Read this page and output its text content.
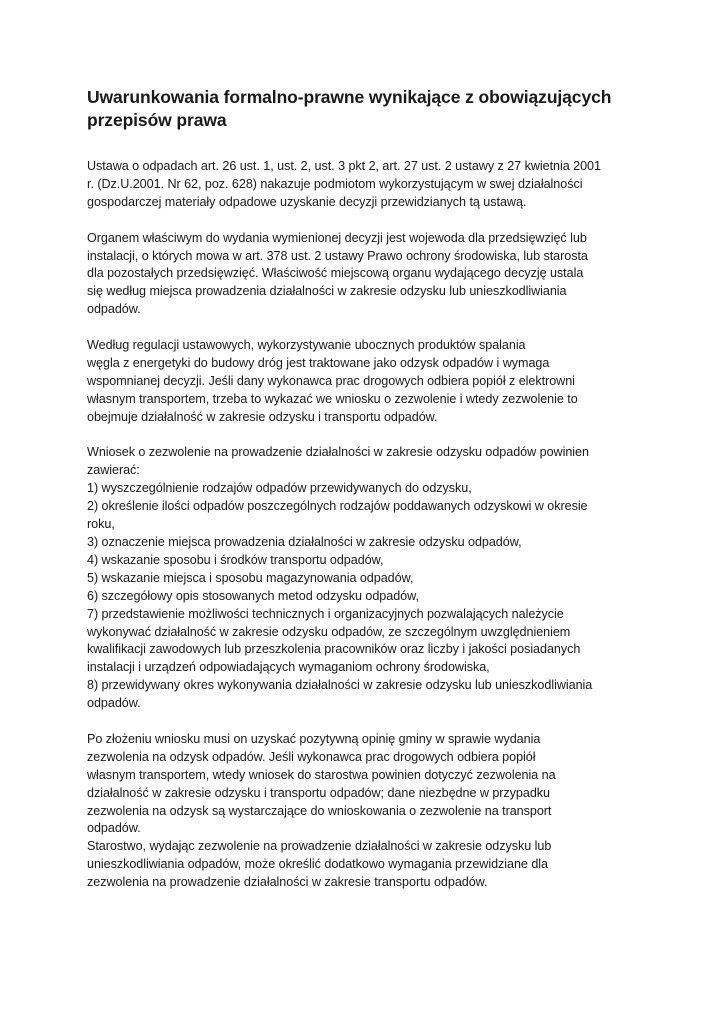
Uwarunkowania formalno-prawne wynikające z obowiązujących
przepisów prawa
Ustawa o odpadach art. 26 ust. 1, ust. 2, ust. 3 pkt 2, art. 27 ust. 2 ustawy z 27 kwietnia 2001
r. (Dz.U.2001. Nr 62, poz. 628) nakazuje podmiotom wykorzystującym w swej działalności
gospodarczej materiały odpadowe uzyskanie decyzji przewidzianych tą ustawą.
Organem właściwym do wydania wymienionej decyzji jest wojewoda dla przedsięwzięć lub
instalacji, o których mowa w art. 378 ust. 2 ustawy Prawo ochrony środowiska, lub starosta
dla pozostałych przedsięwzięć. Właściwość miejscową organu wydającego decyzję ustala
się według miejsca prowadzenia działalności w zakresie odzysku lub unieszkodliwiania
odpadów.
Według regulacji ustawowych, wykorzystywanie ubocznych produktów spalania
węgla z energetyki do budowy dróg jest traktowane jako odzysk odpadów i wymaga
wspomnianej decyzji. Jeśli dany wykonawca prac drogowych odbiera popiół z elektrowni
własnym transportem, trzeba to wykazać we wniosku o zezwolenie i wtedy zezwolenie to
obejmuje działalność w zakresie odzysku i transportu odpadów.
Wniosek o zezwolenie na prowadzenie działalności w zakresie odzysku odpadów powinien
zawierać:
1) wyszczególnienie rodzajów odpadów przewidywanych do odzysku,
2) określenie ilości odpadów poszczególnych rodzajów poddawanych odzyskowi w okresie
roku,
3) oznaczenie miejsca prowadzenia działalności w zakresie odzysku odpadów,
4) wskazanie sposobu i środków transportu odpadów,
5) wskazanie miejsca i sposobu magazynowania odpadów,
6) szczegółowy opis stosowanych metod odzysku odpadów,
7) przedstawienie możliwości technicznych i organizacyjnych pozwalających należycie
wykonywać działalność w zakresie odzysku odpadów, ze szczególnym uwzględnieniem
kwalifikacji zawodowych lub przeszkolenia pracowników oraz liczby i jakości posiadanych
instalacji i urządzeń odpowiadających wymaganiom ochrony środowiska,
8) przewidywany okres wykonywania działalności w zakresie odzysku lub unieszkodliwiania
odpadów.
Po złożeniu wniosku musi on uzyskać pozytywną opinię gminy w sprawie wydania
zezwolenia na odzysk odpadów. Jeśli wykonawca prac drogowych odbiera popiół
własnym transportem, wtedy wniosek do starostwa powinien dotyczyć zezwolenia na
działalność w zakresie odzysku i transportu odpadów; dane niezbędne w przypadku
zezwolenia na odzysk są wystarczające do wnioskowania o zezwolenie na transport
odpadów.
Starostwo, wydając zezwolenie na prowadzenie działalności w zakresie odzysku lub
unieszkodliwiania odpadów, może określić dodatkowo wymagania przewidziane dla
zezwolenia na prowadzenie działalności w zakresie transportu odpadów.
